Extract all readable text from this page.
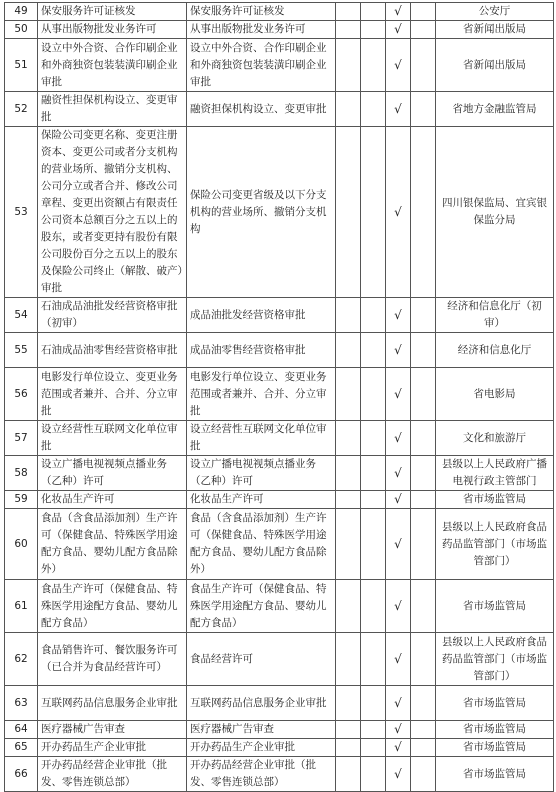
49	保安服务许可证核发	保安服务许可证核发			√		公安厅
50	从事出版物批发业务许可	从事出版物批发业务许可			√		省新闻出版局
51	设立中外合资、合作印刷企业和外商独资包装装潢印刷企业审批	设立中外合资、合作印刷企业和外商独资包装装潢印刷企业审批			√		省新闻出版局
52	融资性担保机构设立、变更审批	融资担保机构设立、变更审批			√		省地方金融监管局
53	保险公司变更名称、变更注册资本、变更公司或者分支机构的营业场所、撤销分支机构、公司分立或者合并、修改公司章程、变更出资额占有限责任公司资本总额百分之五以上的股东，或者变更持有股份有限公司股份百分之五以上的股东及保险公司终止（解散、破产）审批	保险公司变更省级及以下分支机构的营业场所、撤销分支机构			√		四川银保监局、宜宾银保监分局
54	石油成品油批发经营资格审批（初审）	成品油批发经营资格审批			√		经济和信息化厅（初审）
55	石油成品油零售经营资格审批	成品油零售经营资格审批			√		经济和信息化厅
56	电影发行单位设立、变更业务范围或者兼并、合并、分立审批	电影发行单位设立、变更业务范围或者兼并、合并、分立审批			√		省电影局
57	设立经营性互联网文化单位审批	设立经营性互联网文化单位审批			√		文化和旅游厅
58	设立广播电视视频点播业务（乙种）许可	设立广播电视视频点播业务（乙种）许可			√		县级以上人民政府广播电视行政主管部门
59	化妆品生产许可	化妆品生产许可			√		省市场监管局
60	食品（含食品添加剂）生产许可（保健食品、特殊医学用途配方食品、婴幼儿配方食品除外）	食品（含食品添加剂）生产许可（保健食品、特殊医学用途配方食品、婴幼儿配方食品除外）			√		县级以上人民政府食品药品监管部门（市场监管部门）
61	食品生产许可（保健食品、特殊医学用途配方食品、婴幼儿配方食品）	食品生产许可（保健食品、特殊医学用途配方食品、婴幼儿配方食品）			√		省市场监管局
62	食品销售许可、餐饮服务许可（已合并为食品经营许可）	食品经营许可			√		县级以上人民政府食品药品监管部门（市场监管部门）
63	互联网药品信息服务企业审批	互联网药品信息服务企业审批			√		省市场监管局
64	医疗器械广告审查	医疗器械广告审查			√		省市场监管局
65	开办药品生产企业审批	开办药品生产企业审批			√		省市场监管局
66	开办药品经营企业审批（批发、零售连锁总部）	开办药品经营企业审批（批发、零售连锁总部）			√		省市场监管局
